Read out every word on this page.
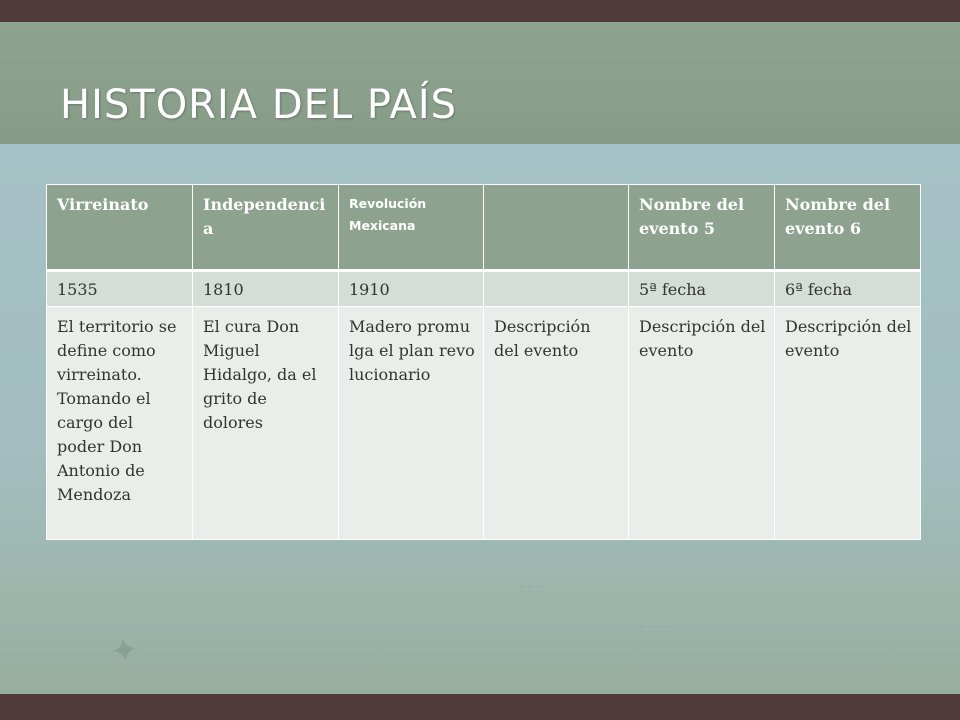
HISTORIA DEL PAÍS
✦
· · ·
· · · ·
Virreinato	Independencia	Revolución Mexicana		Nombre del evento 5	Nombre del evento 6
1535	1810	1910		5ª fecha	6ª fecha
El territorio se define como virreinato. Tomando el cargo del poder Don Antonio de Mendoza	El cura Don Miguel Hidalgo, da el grito de dolores	Madero promulga el plan revolucionario	Descripción del evento	Descripción del evento	Descripción del evento
